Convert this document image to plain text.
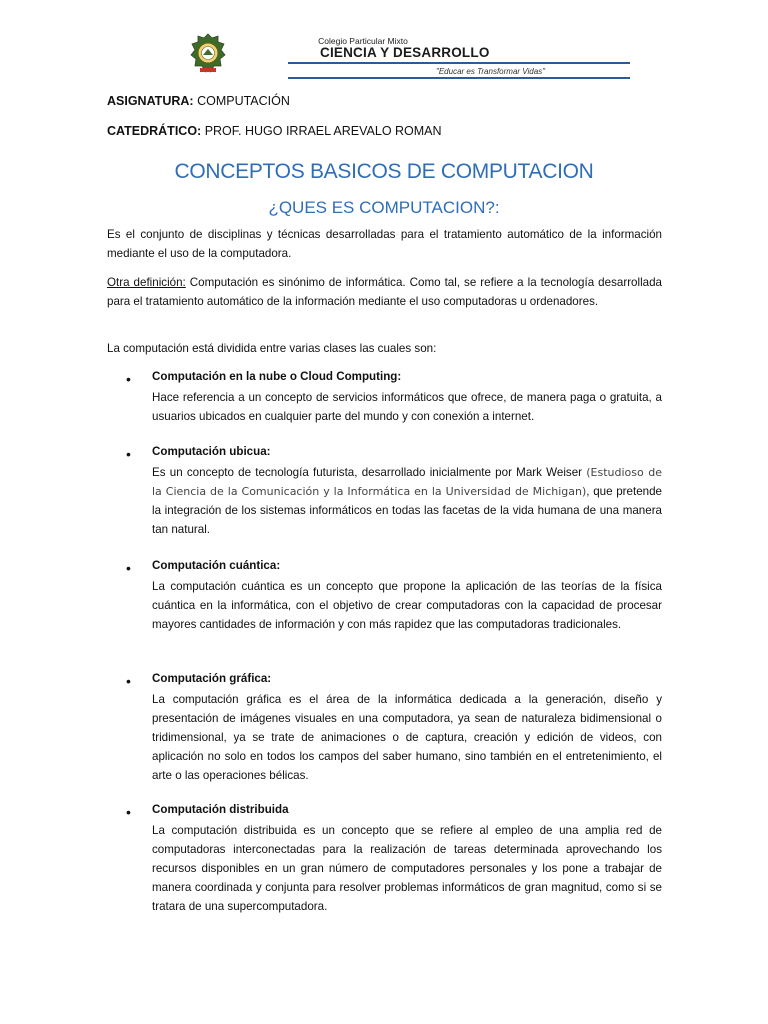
Colegio Particular Mixto
CIENCIA Y DESARROLLO
"Educar es Transformar Vidas"
ASIGNATURA: COMPUTACIÓN
CATEDRÁTICO: PROF. HUGO IRRAEL AREVALO ROMAN
CONCEPTOS BASICOS DE COMPUTACION
¿QUES ES COMPUTACION?:
Es el conjunto de disciplinas y técnicas desarrolladas para el tratamiento automático de la información mediante el uso de la computadora.
Otra definición: Computación es sinónimo de informática. Como tal, se refiere a la tecnología desarrollada para el tratamiento automático de la información mediante el uso computadoras u ordenadores.
La computación está dividida entre varias clases las cuales son:
• Computación en la nube o Cloud Computing:
Hace referencia a un concepto de servicios informáticos que ofrece, de manera paga o gratuita, a usuarios ubicados en cualquier parte del mundo y con conexión a internet.
• Computación ubicua:
Es un concepto de tecnología futurista, desarrollado inicialmente por Mark Weiser (Estudioso de la Ciencia de la Comunicación y la Informática en la Universidad de Michigan), que pretende la integración de los sistemas informáticos en todas las facetas de la vida humana de una manera tan natural.
• Computación cuántica:
La computación cuántica es un concepto que propone la aplicación de las teorías de la física cuántica en la informática, con el objetivo de crear computadoras con la capacidad de procesar mayores cantidades de información y con más rapidez que las computadoras tradicionales.
• Computación gráfica:
La computación gráfica es el área de la informática dedicada a la generación, diseño y presentación de imágenes visuales en una computadora, ya sean de naturaleza bidimensional o tridimensional, ya se trate de animaciones o de captura, creación y edición de videos, con aplicación no solo en todos los campos del saber humano, sino también en el entretenimiento, el arte o las operaciones bélicas.
• Computación distribuida
La computación distribuida es un concepto que se refiere al empleo de una amplia red de computadoras interconectadas para la realización de tareas determinada aprovechando los recursos disponibles en un gran número de computadores personales y los pone a trabajar de manera coordinada y conjunta para resolver problemas informáticos de gran magnitud, como si se tratara de una supercomputadora.
